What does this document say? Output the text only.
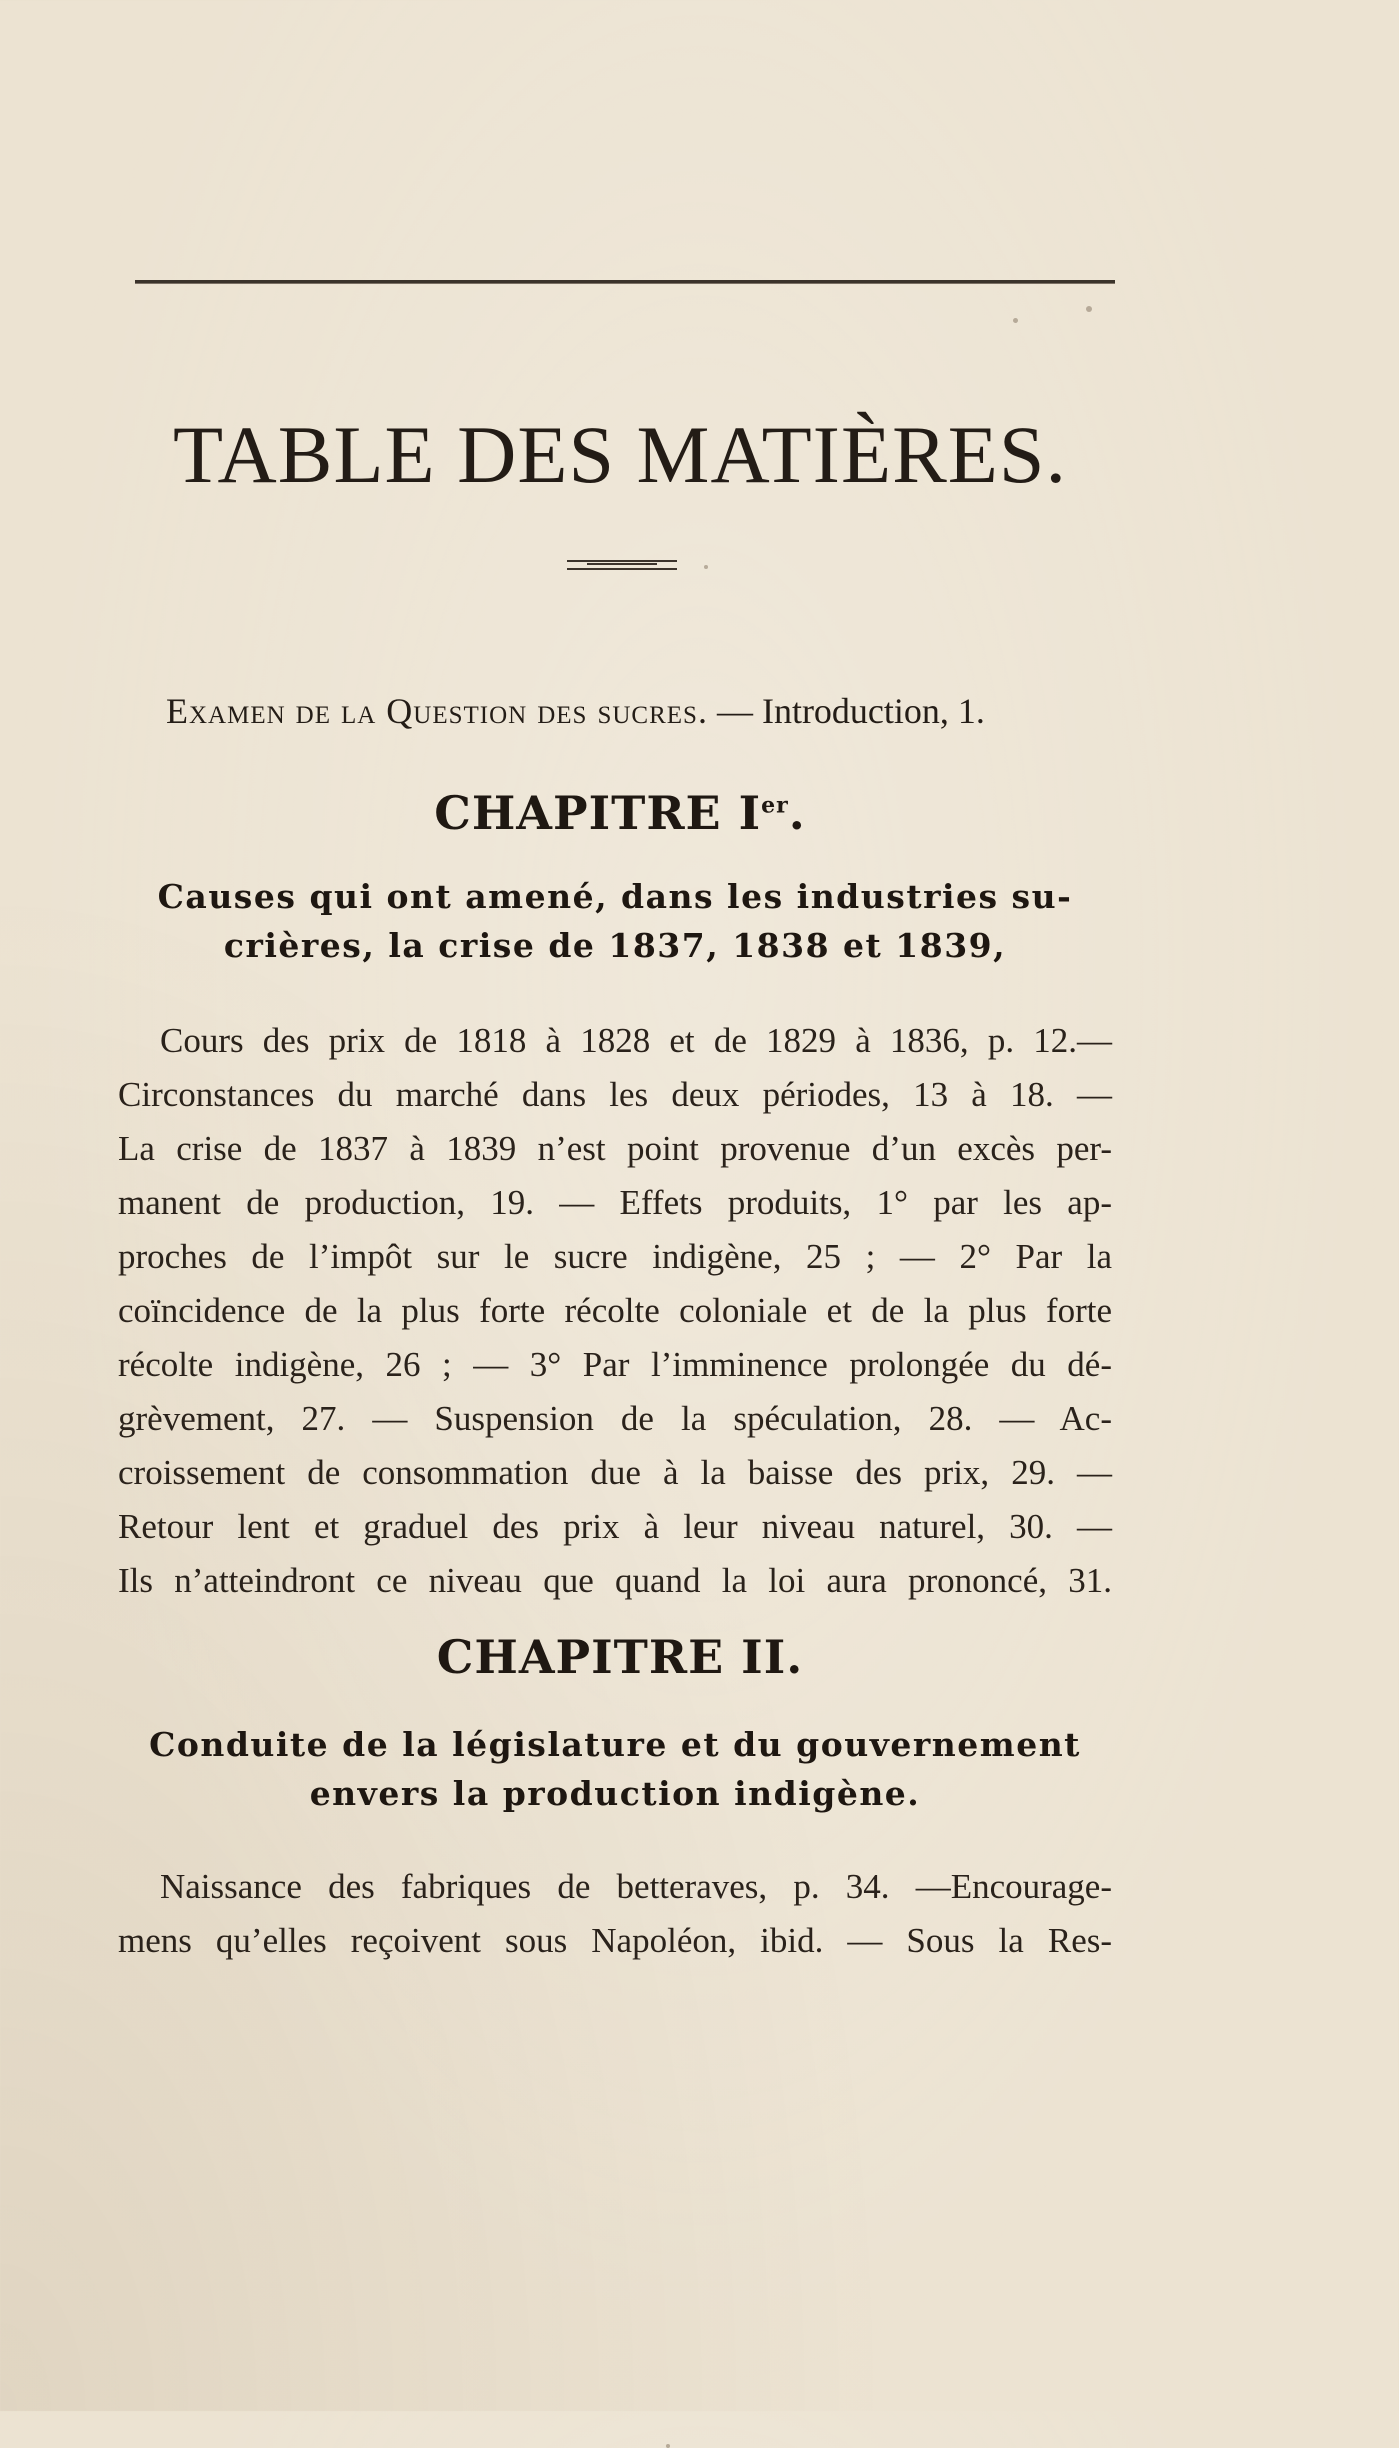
TABLE DES MATIÈRES.
Examen de la Question des sucres. — Introduction, 1.
CHAPITRE Ier.
Causes qui ont amené, dans les industries su-
crières, la crise de 1837, 1838 et 1839,
Cours des prix de 1818 à 1828 et de 1829 à 1836, p. 12.—
Circonstances du marché dans les deux périodes, 13 à 18. —
La crise de 1837 à 1839 n’est point provenue d’un excès per-
manent de production, 19. — Effets produits, 1° par les ap-
proches de l’impôt sur le sucre indigène, 25 ; — 2° Par la
coïncidence de la plus forte récolte coloniale et de la plus forte
récolte indigène, 26 ; — 3° Par l’imminence prolongée du dé-
grèvement, 27. — Suspension de la spéculation, 28. — Ac-
croissement de consommation due à la baisse des prix, 29. —
Retour lent et graduel des prix à leur niveau naturel, 30. —
Ils n’atteindront ce niveau que quand la loi aura prononcé, 31.
CHAPITRE II.
Conduite de la législature et du gouvernement
envers la production indigène.
Naissance des fabriques de betteraves, p. 34. —Encourage-
mens qu’elles reçoivent sous Napoléon, ibid. — Sous la Res-
